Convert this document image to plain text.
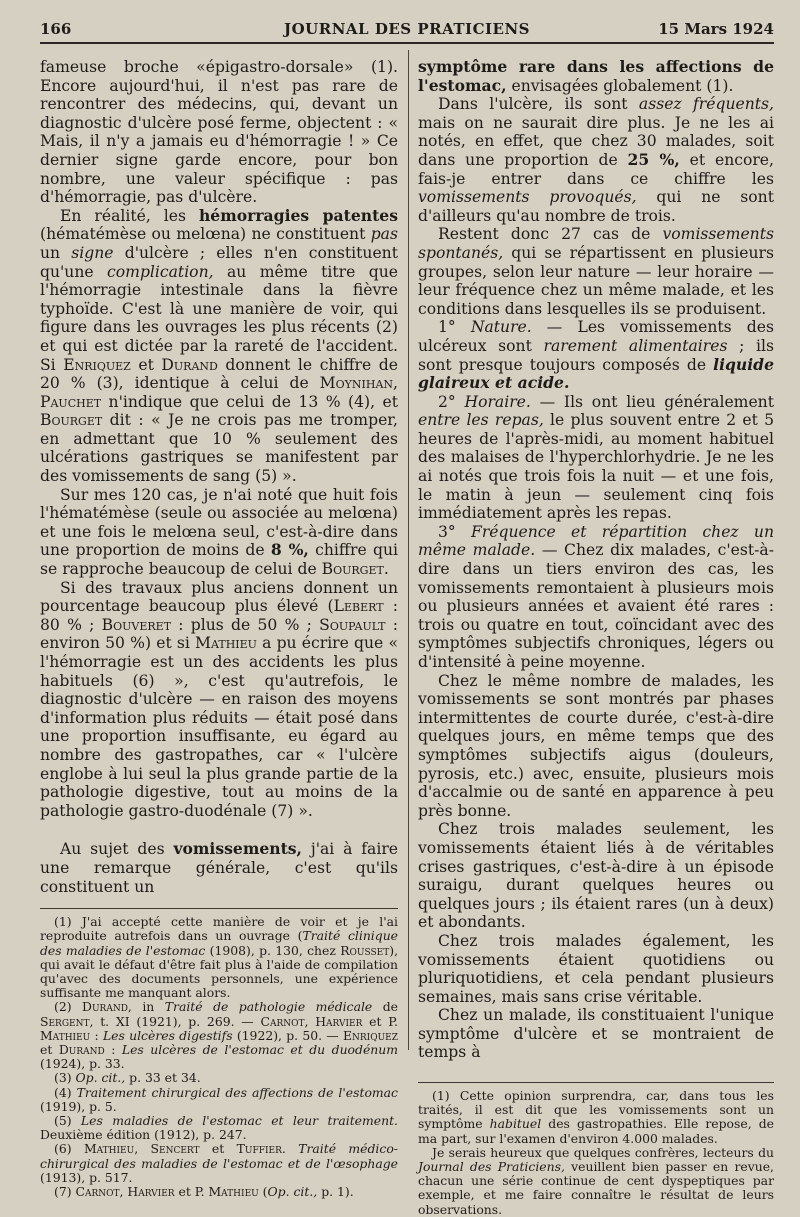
166	JOURNAL DES PRATICIENS	15 Mars 1924

fameuse broche «épigastro-dorsale» (1). Encore aujourd'hui, il n'est pas rare de rencontrer des médecins, qui, devant un diagnostic d'ulcère posé ferme, objectent : « Mais, il n'y a jamais eu d'hémorragie ! » Ce dernier signe garde encore, pour bon nombre, une valeur spécifique : pas d'hémorragie, pas d'ulcère.

En réalité, les hémorragies patentes (hématémèse ou melœna) ne constituent pas un signe d'ulcère ; elles n'en constituent qu'une complication, au même titre que l'hémorragie intestinale dans la fièvre typhoïde. C'est là une manière de voir, qui figure dans les ouvrages les plus récents (2) et qui est dictée par la rareté de l'accident. Si Enriquez et Durand donnent le chiffre de 20 % (3), identique à celui de Moynihan, Pauchet n'indique que celui de 13 % (4), et Bourget dit : « Je ne crois pas me tromper, en admettant que 10 % seulement des ulcérations gastriques se manifestent par des vomissements de sang (5) ».

Sur mes 120 cas, je n'ai noté que huit fois l'hématémèse (seule ou associée au melœna) et une fois le melœna seul, c'est-à-dire dans une proportion de moins de 8 %, chiffre qui se rapproche beaucoup de celui de Bourget.

Si des travaux plus anciens donnent un pourcentage beaucoup plus élevé (Lebert : 80 % ; Bouveret : plus de 50 % ; Soupault : environ 50 %) et si Mathieu a pu écrire que « l'hémorragie est un des accidents les plus habituels (6) », c'est qu'autrefois, le diagnostic d'ulcère — en raison des moyens d'information plus réduits — était posé dans une proportion insuffisante, eu égard au nombre des gastropathes, car « l'ulcère englobe à lui seul la plus grande partie de la pathologie digestive, tout au moins de la pathologie gastro-duodénale (7) ».

Au sujet des vomissements, j'ai à faire une remarque générale, c'est qu'ils constituent un

(1) J'ai accepté cette manière de voir et je l'ai reproduite autrefois dans un ouvrage (Traité clinique des maladies de l'estomac (1908), p. 130, chez Rousset), qui avait le défaut d'être fait plus à l'aide de compilation qu'avec des documents personnels, une expérience suffisante me manquant alors.

(2) Durand, in Traité de pathologie médicale de Sergent, t. XI (1921), p. 269. — Carnot, Harvier et P. Mathieu : Les ulcères digestifs (1922), p. 50. — Enriquez et Durand : Les ulcères de l'estomac et du duodénum (1924), p. 33.

(3) Op. cit., p. 33 et 34.

(4) Traitement chirurgical des affections de l'estomac (1919), p. 5.

(5) Les maladies de l'estomac et leur traitement. Deuxième édition (1912), p. 247.

(6) Mathieu, Sencert et Tuffier. Traité médico-chirurgical des maladies de l'estomac et de l'œsophage (1913), p. 517.

(7) Carnot, Harvier et P. Mathieu (Op. cit., p. 1).

symptôme rare dans les affections de l'estomac, envisagées globalement (1).

Dans l'ulcère, ils sont assez fréquents, mais on ne saurait dire plus. Je ne les ai notés, en effet, que chez 30 malades, soit dans une proportion de 25 %, et encore, fais-je entrer dans ce chiffre les vomissements provoqués, qui ne sont d'ailleurs qu'au nombre de trois.

Restent donc 27 cas de vomissements spontanés, qui se répartissent en plusieurs groupes, selon leur nature — leur horaire — leur fréquence chez un même malade, et les conditions dans lesquelles ils se produisent.

1° Nature. — Les vomissements des ulcéreux sont rarement alimentaires ; ils sont presque toujours composés de liquide glaireux et acide.

2° Horaire. — Ils ont lieu généralement entre les repas, le plus souvent entre 2 et 5 heures de l'après-midi, au moment habituel des malaises de l'hyperchlorhydrie. Je ne les ai notés que trois fois la nuit — et une fois, le matin à jeun — seulement cinq fois immédiatement après les repas.

3° Fréquence et répartition chez un même malade. — Chez dix malades, c'est-à-dire dans un tiers environ des cas, les vomissements remontaient à plusieurs mois ou plusieurs années et avaient été rares : trois ou quatre en tout, coïncidant avec des symptômes subjectifs chroniques, légers ou d'intensité à peine moyenne.

Chez le même nombre de malades, les vomissements se sont montrés par phases intermittentes de courte durée, c'est-à-dire quelques jours, en même temps que des symptômes subjectifs aigus (douleurs, pyrosis, etc.) avec, ensuite, plusieurs mois d'accalmie ou de santé en apparence à peu près bonne.

Chez trois malades seulement, les vomissements étaient liés à de véritables crises gastriques, c'est-à-dire à un épisode suraigu, durant quelques heures ou quelques jours ; ils étaient rares (un à deux) et abondants.

Chez trois malades également, les vomissements étaient quotidiens ou pluriquotidiens, et cela pendant plusieurs semaines, mais sans crise véritable.

Chez un malade, ils constituaient l'unique symptôme d'ulcère et se montraient de temps à

(1) Cette opinion surprendra, car, dans tous les traités, il est dit que les vomissements sont un symptôme habituel des gastropathies. Elle repose, de ma part, sur l'examen d'environ 4.000 malades.

Je serais heureux que quelques confrères, lecteurs du Journal des Praticiens, veuillent bien passer en revue, chacun une série continue de cent dyspeptiques par exemple, et me faire connaître le résultat de leurs observations.
